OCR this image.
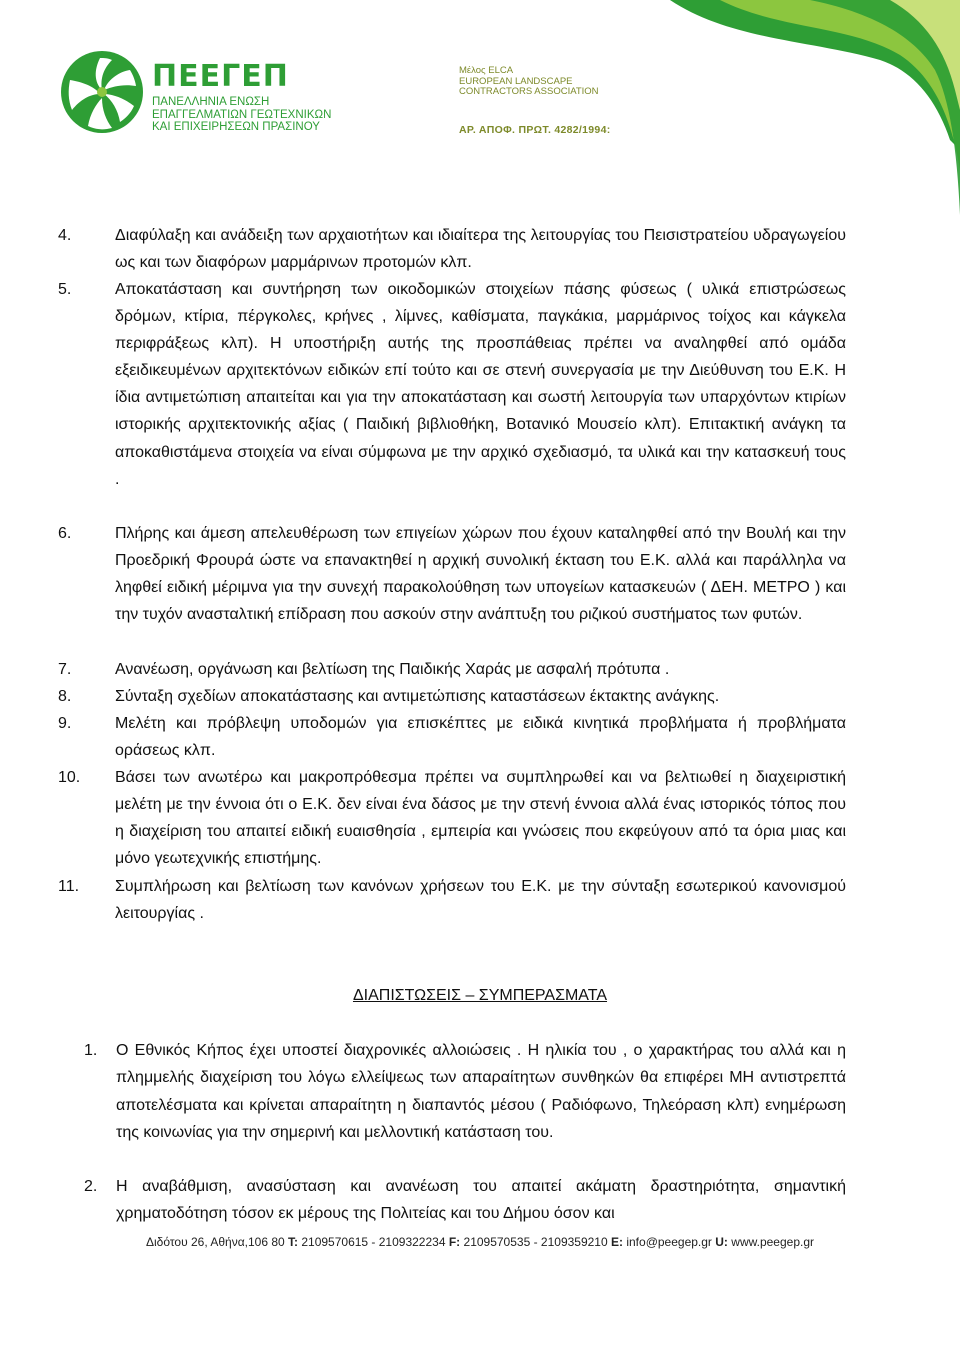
ΠΕΕΓΕΠ
ΠΑΝΕΛΛΗΝΙΑ ΕΝΩΣΗ
ΕΠΑΓΓΕΛΜΑΤΙΩΝ ΓΕΩΤΕΧΝΙΚΩΝ
ΚΑΙ ΕΠΙΧΕΙΡΗΣΕΩΝ ΠΡΑΣΙΝΟΥ
Μέλος ELCA
EUROPEAN LANDSCAPE
CONTRACTORS ASSOCIATION
ΑΡ. ΑΠΟΦ. ΠΡΩΤ. 4282/1994:
4.	Διαφύλαξη και ανάδειξη των αρχαιοτήτων και ιδιαίτερα της λειτουργίας του Πεισιστρατείου υδραγωγείου ως και των διαφόρων μαρμάρινων προτομών κλπ.
5.	Αποκατάσταση και συντήρηση των οικοδομικών στοιχείων πάσης φύσεως ( υλικά επιστρώσεως δρόμων, κτίρια, πέργκολες, κρήνες , λίμνες, καθίσματα, παγκάκια, μαρμάρινος τοίχος και κάγκελα περιφράξεως κλπ). Η υποστήριξη αυτής της προσπάθειας πρέπει να αναληφθεί από ομάδα εξειδικευμένων αρχιτεκτόνων ειδικών επί τούτο και σε στενή συνεργασία με την Διεύθυνση του Ε.Κ. Η ίδια αντιμετώπιση απαιτείται και για την αποκατάσταση και σωστή λειτουργία των υπαρχόντων κτιρίων ιστορικής αρχιτεκτονικής αξίας ( Παιδική βιβλιοθήκη, Βοτανικό Μουσείο κλπ). Επιτακτική ανάγκη τα αποκαθιστάμενα στοιχεία να είναι σύμφωνα με την αρχικό σχεδιασμό, τα υλικά και την κατασκευή τους .
6.	Πλήρης και άμεση απελευθέρωση των επιγείων χώρων που έχουν καταληφθεί από την Βουλή και την Προεδρική Φρουρά ώστε να επανακτηθεί η αρχική συνολική έκταση του Ε.Κ. αλλά και παράλληλα να ληφθεί ειδική μέριμνα για την συνεχή παρακολούθηση των υπογείων κατασκευών ( ΔΕΗ. ΜΕΤΡΟ ) και την τυχόν ανασταλτική επίδραση που ασκούν στην ανάπτυξη του ριζικού συστήματος των φυτών.
7.	Ανανέωση, οργάνωση και βελτίωση της Παιδικής Χαράς με ασφαλή πρότυπα .
8.	Σύνταξη σχεδίων αποκατάστασης και αντιμετώπισης καταστάσεων έκτακτης ανάγκης.
9.	Μελέτη και πρόβλεψη υποδομών για επισκέπτες με ειδικά κινητικά προβλήματα ή προβλήματα οράσεως κλπ.
10. Βάσει των ανωτέρω και μακροπρόθεσμα πρέπει να συμπληρωθεί και να βελτιωθεί η διαχειριστική μελέτη με την έννοια ότι ο Ε.Κ. δεν είναι ένα δάσος με την στενή έννοια αλλά ένας ιστορικός τόπος που η διαχείριση του απαιτεί ειδική ευαισθησία , εμπειρία και γνώσεις που εκφεύγουν από τα όρια μιας και μόνο γεωτεχνικής επιστήμης.
11. Συμπλήρωση και βελτίωση των κανόνων χρήσεων του Ε.Κ. με την σύνταξη εσωτερικού κανονισμού λειτουργίας .
ΔΙΑΠΙΣΤΩΣΕΙΣ – ΣΥΜΠΕΡΑΣΜΑΤΑ
1. Ο Εθνικός Κήπος έχει υποστεί διαχρονικές αλλοιώσεις . Η ηλικία του , ο χαρακτήρας του αλλά και η πλημμελής διαχείριση του λόγω ελλείψεως των απαραίτητων συνθηκών θα επιφέρει ΜΗ αντιστρεπτά αποτελέσματα και κρίνεται απαραίτητη η διαπαντός μέσου ( Ραδιόφωνο, Τηλεόραση κλπ) ενημέρωση της κοινωνίας για την σημερινή και μελλοντική κατάσταση του.
2. Η αναβάθμιση, ανασύσταση και ανανέωση του απαιτεί ακάματη δραστηριότητα, σημαντική χρηματοδότηση τόσον εκ μέρους της Πολιτείας και του Δήμου όσον και
Διδότου 26, Αθήνα,106 80 T: 2109570615 - 2109322234 F: 2109570535 - 2109359210 E: info@peegep.gr U: www.peegep.gr
